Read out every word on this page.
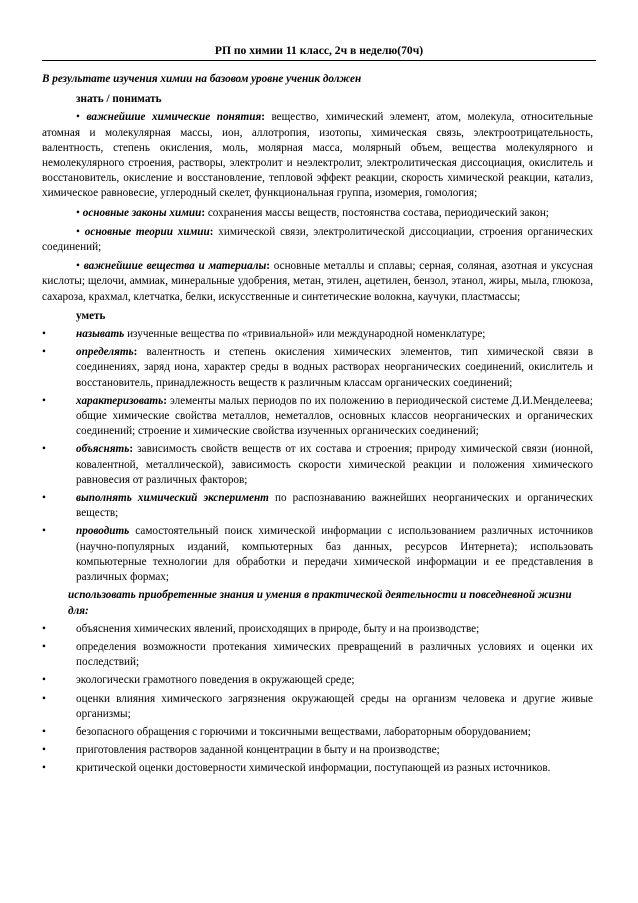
РП по химии 11 класс, 2ч в неделю(70ч)

В результате изучения химии на базовом уровне ученик должен

знать / понимать

• важнейшие химические понятия: вещество, химический элемент, атом, молекула, относительные атомная и молекулярная массы, ион, аллотропия, изотопы, химическая связь, электроотрицательность, валентность, степень окисления, моль, молярная масса, молярный объем, вещества молекулярного и немолекулярного строения, растворы, электролит и неэлектролит, электролитическая диссоциация, окислитель и восстановитель, окисление и восстановление, тепловой эффект реакции, скорость химической реакции, катализ, химическое равновесие, углеродный скелет, функциональная группа, изомерия, гомология;

• основные законы химии: сохранения массы веществ, постоянства состава, периодический закон;

• основные теории химии: химической связи, электролитической диссоциации, строения органических соединений;

• важнейшие вещества и материалы: основные металлы и сплавы; серная, соляная, азотная и уксусная кислоты; щелочи, аммиак, минеральные удобрения, метан, этилен, ацетилен, бензол, этанол, жиры, мыла, глюкоза, сахароза, крахмал, клетчатка, белки, искусственные и синтетические волокна, каучуки, пластмассы;

уметь

•	называть изученные вещества по «тривиальной» или международной номенклатуре;
•	определять: валентность и степень окисления химических элементов, тип химической связи в соединениях, заряд иона, характер среды в водных растворах неорганических соединений, окислитель и восстановитель, принадлежность веществ к различным классам органических соединений;
•	характеризовать: элементы малых периодов по их положению в периодической системе Д.И.Менделеева; общие химические свойства металлов, неметаллов, основных классов неорганических и органических соединений; строение и химические свойства изученных органических соединений;
•	объяснять: зависимость свойств веществ от их состава и строения; природу химической связи (ионной, ковалентной, металлической), зависимость скорости химической реакции и положения химического равновесия от различных факторов;
•	выполнять химический эксперимент по распознаванию важнейших неорганических и органических веществ;
•	проводить самостоятельный поиск химической информации с использованием различных источников (научно-популярных изданий, компьютерных баз данных, ресурсов Интернета); использовать компьютерные технологии для обработки и передачи химической информации и ее представления в различных формах;

использовать приобретенные знания и умения в практической деятельности и повседневной жизни для:

•	объяснения химических явлений, происходящих в природе, быту и на производстве;
•	определения возможности протекания химических превращений в различных условиях и оценки их последствий;
•	экологически грамотного поведения в окружающей среде;
•	оценки влияния химического загрязнения окружающей среды на организм человека и другие живые организмы;
•	безопасного обращения с горючими и токсичными веществами, лабораторным оборудованием;
•	приготовления растворов заданной концентрации в быту и на производстве;
•	критической оценки достоверности химической информации, поступающей из разных источников.
